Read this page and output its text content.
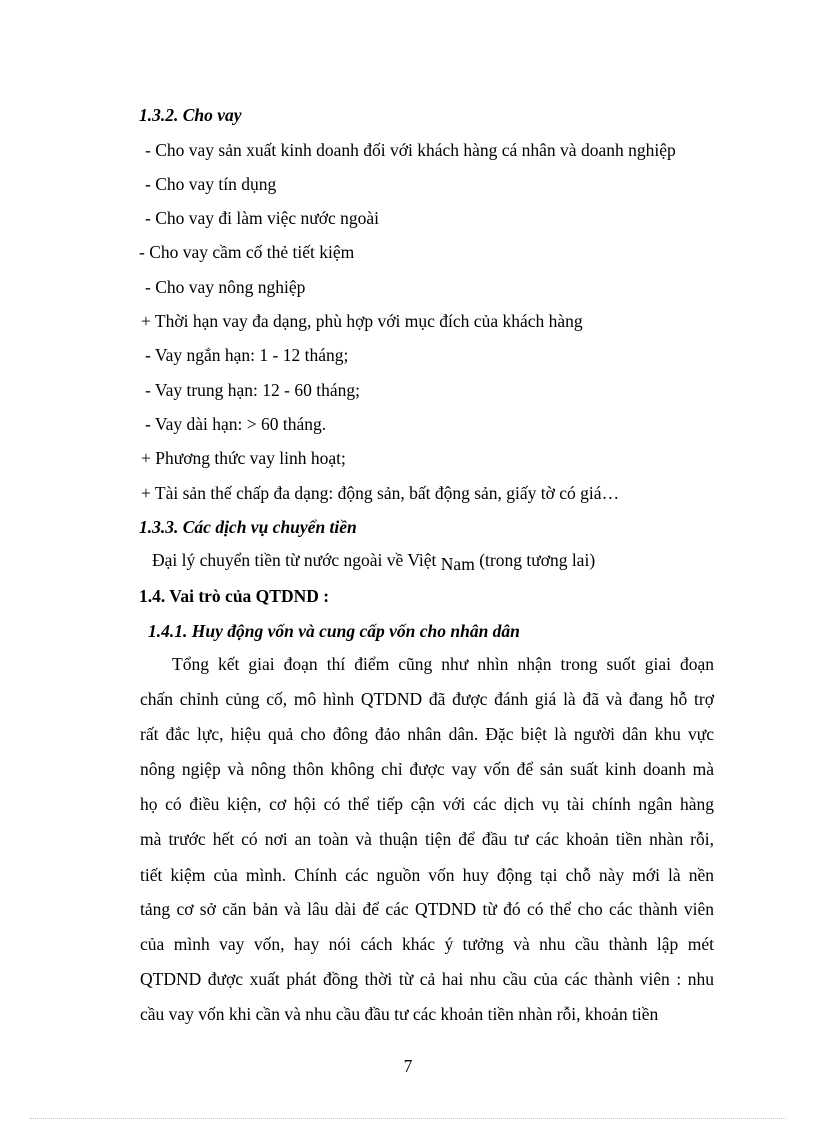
1.3.2. Cho vay
- Cho vay sản xuất kinh doanh đối với khách hàng cá nhân và doanh nghiệp
- Cho vay tín dụng
- Cho vay đi làm việc nước ngoài
- Cho vay cầm cố thẻ tiết kiệm
- Cho vay nông nghiệp
+ Thời hạn vay đa dạng, phù hợp với mục đích của khách hàng
- Vay ngắn hạn: 1 - 12 tháng;
- Vay trung hạn: 12 - 60 tháng;
- Vay dài hạn: > 60 tháng.
+ Phương thức vay linh hoạt;
+ Tài sản thế chấp đa dạng: động sản, bất động sản, giấy tờ có giá…
1.3.3. Các dịch vụ chuyển tiền
Đại lý chuyển tiền từ nước ngoài về Việt Nam (trong tương lai)
1.4. Vai trò của QTDND :
1.4.1. Huy động vốn và cung cấp vốn cho nhân dân
Tổng kết giai đoạn thí điểm cũng như nhìn nhận trong suốt giai đoạn
chấn chỉnh củng cố, mô hình QTDND đã được đánh giá là đã và đang hỗ trợ
rất đắc lực, hiệu quả cho đông đảo nhân dân. Đặc biệt là người dân khu vực
nông ngiệp và nông thôn không chỉ được vay vốn để sản suất kinh doanh mà
họ có điều kiện, cơ hội có thể tiếp cận với các dịch vụ tài chính ngân hàng
mà trước hết có nơi an toàn và thuận tiện để đầu tư các khoản tiền nhàn rỗi,
tiết kiệm của mình. Chính các nguồn vốn huy động tại chỗ này mới là nền
tảng cơ sở căn bản và lâu dài để các QTDND từ đó có thể cho các thành viên
của mình vay vốn, hay nói cách khác ý tưởng và nhu cầu thành lập mét
QTDND được xuất phát đồng thời từ cả hai nhu cầu của các thành viên : nhu
cầu vay vốn khi cần và nhu cầu đầu tư các khoản tiền nhàn rỗi, khoản tiền
7
